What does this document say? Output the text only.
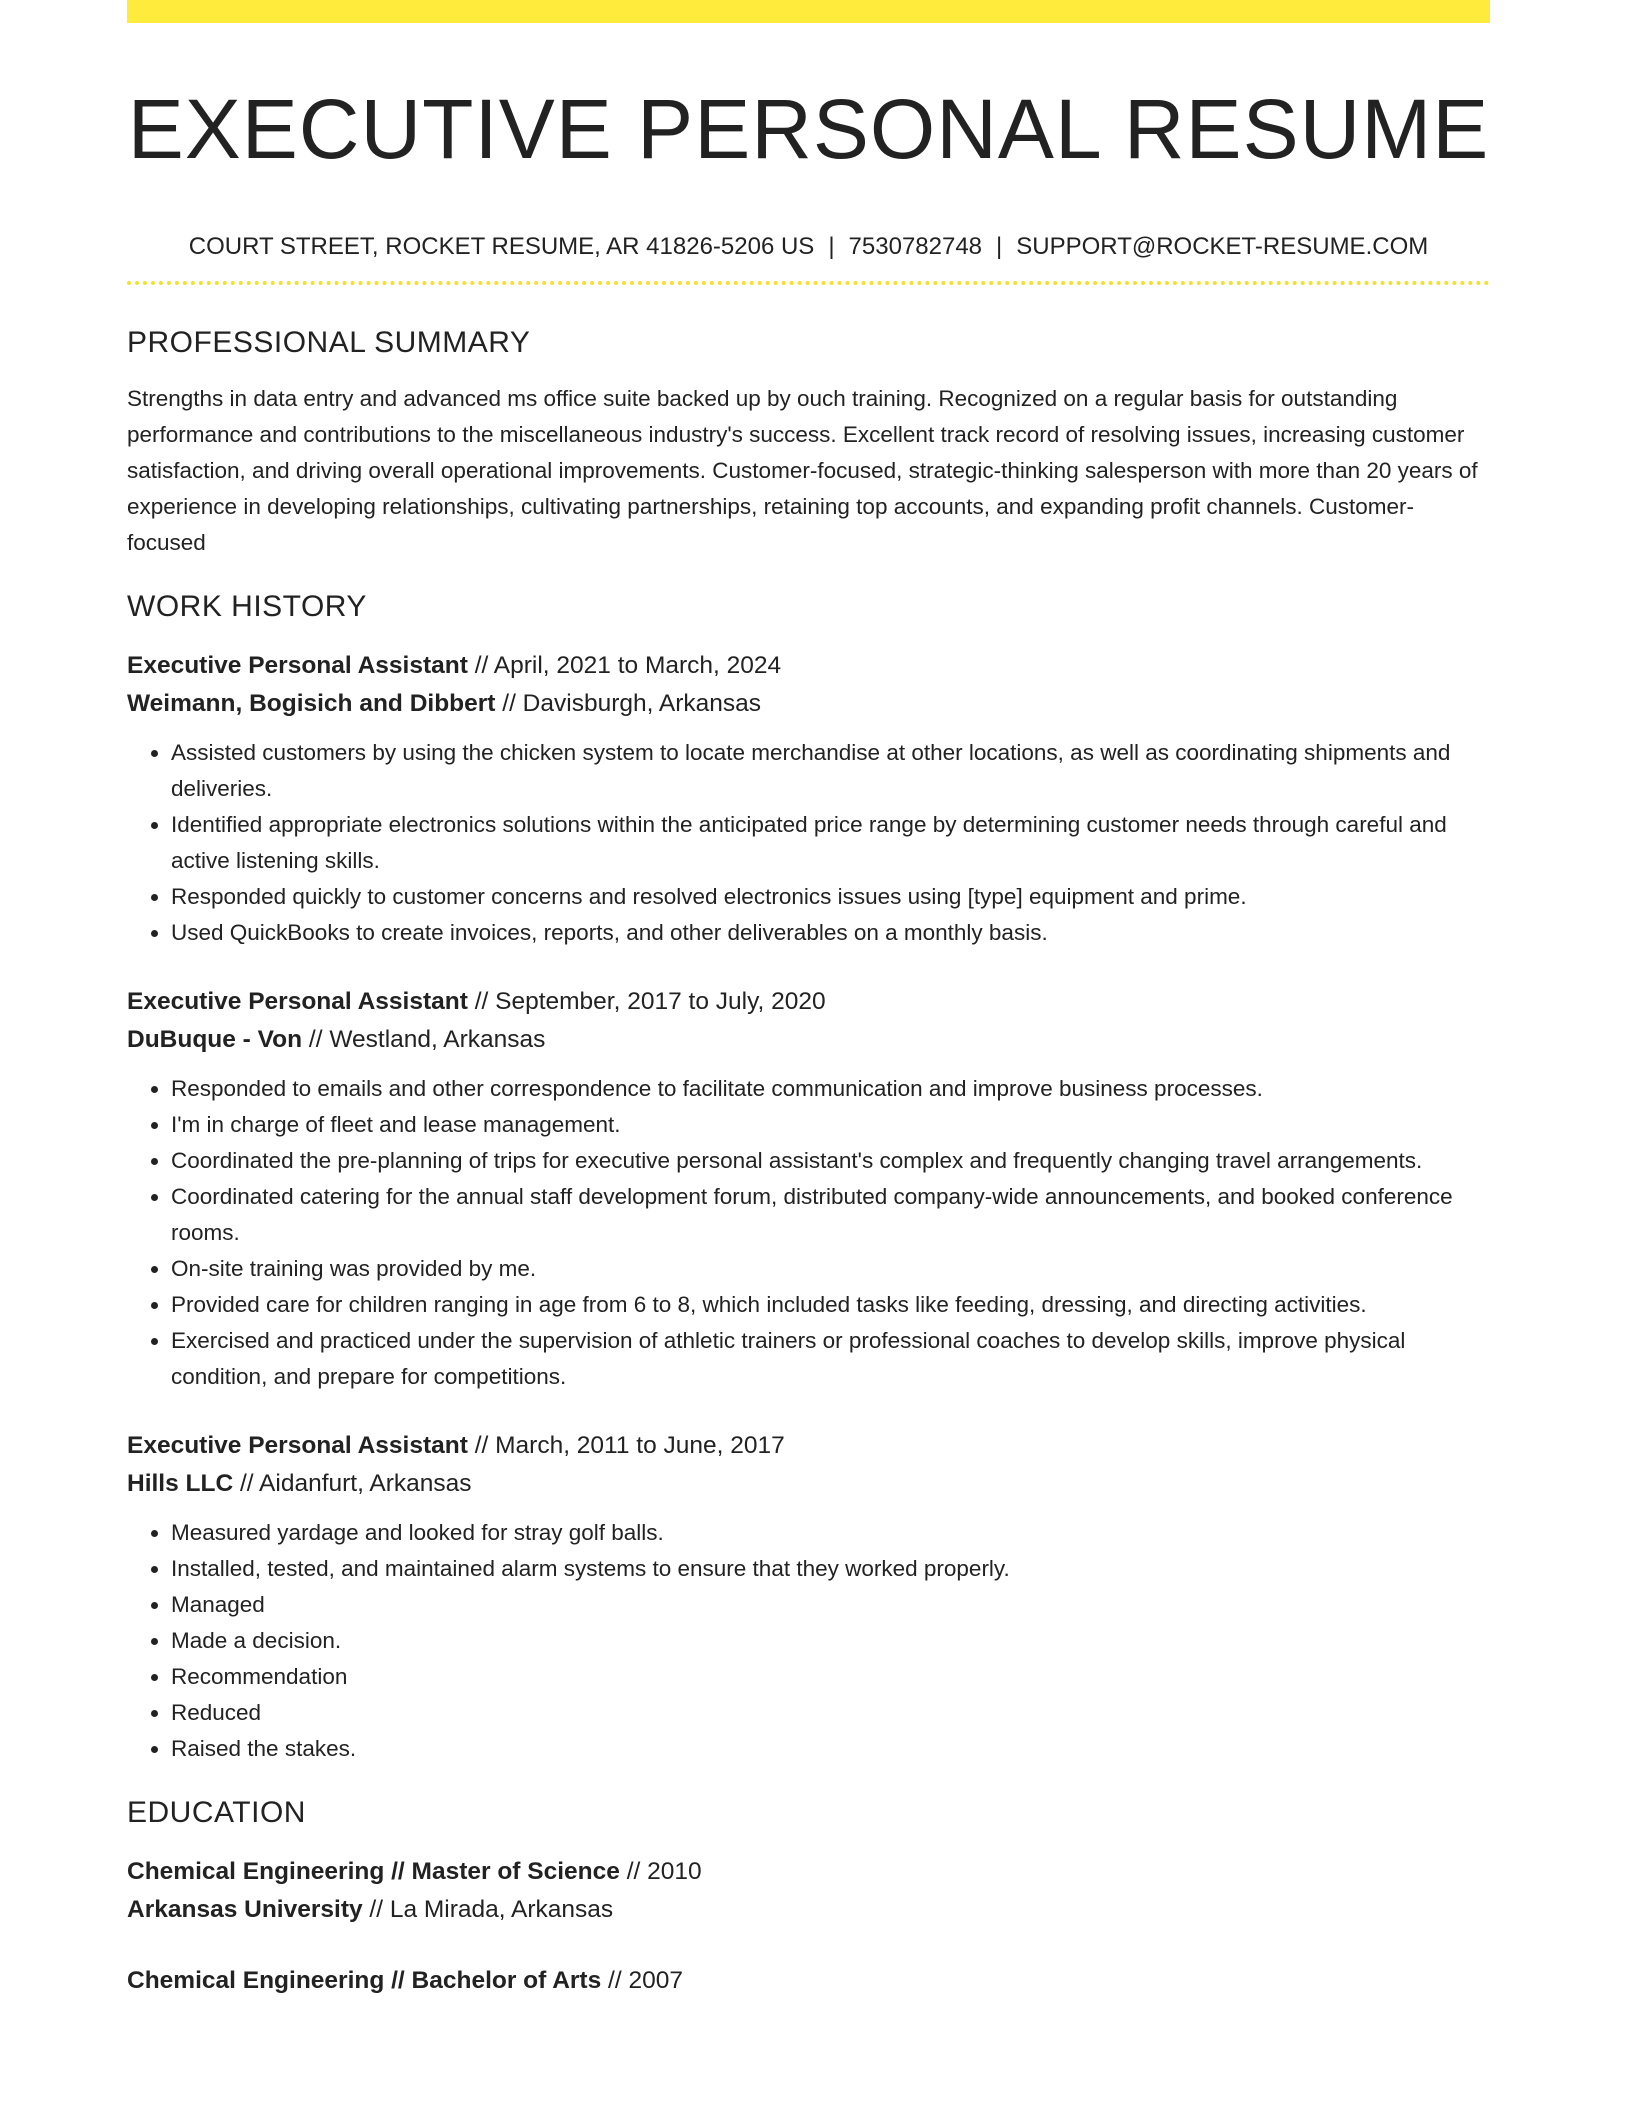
EXECUTIVE PERSONAL RESUME
COURT STREET, ROCKET RESUME, AR 41826-5206 US | 7530782748 | SUPPORT@ROCKET-RESUME.COM
PROFESSIONAL SUMMARY

Strengths in data entry and advanced ms office suite backed up by ouch training. Recognized on a regular basis for outstanding performance and contributions to the miscellaneous industry's success. Excellent track record of resolving issues, increasing customer satisfaction, and driving overall operational improvements. Customer-focused, strategic-thinking salesperson with more than 20 years of experience in developing relationships, cultivating partnerships, retaining top accounts, and expanding profit channels. Customer-focused

WORK HISTORY
Executive Personal Assistant // April, 2021 to March, 2024
Weimann, Bogisich and Dibbert // Davisburgh, Arkansas
• Assisted customers by using the chicken system to locate merchandise at other locations, as well as coordinating shipments and deliveries.
• Identified appropriate electronics solutions within the anticipated price range by determining customer needs through careful and active listening skills.
• Responded quickly to customer concerns and resolved electronics issues using [type] equipment and prime.
• Used QuickBooks to create invoices, reports, and other deliverables on a monthly basis.
Executive Personal Assistant // September, 2017 to July, 2020
DuBuque - Von // Westland, Arkansas
• Responded to emails and other correspondence to facilitate communication and improve business processes.
• I'm in charge of fleet and lease management.
• Coordinated the pre-planning of trips for executive personal assistant's complex and frequently changing travel arrangements.
• Coordinated catering for the annual staff development forum, distributed company-wide announcements, and booked conference rooms.
• On-site training was provided by me.
• Provided care for children ranging in age from 6 to 8, which included tasks like feeding, dressing, and directing activities.
• Exercised and practiced under the supervision of athletic trainers or professional coaches to develop skills, improve physical condition, and prepare for competitions.
Executive Personal Assistant // March, 2011 to June, 2017
Hills LLC // Aidanfurt, Arkansas
• Measured yardage and looked for stray golf balls.
• Installed, tested, and maintained alarm systems to ensure that they worked properly.
• Managed
• Made a decision.
• Recommendation
• Reduced
• Raised the stakes.
EDUCATION
Chemical Engineering // Master of Science // 2010
Arkansas University // La Mirada, Arkansas
Chemical Engineering // Bachelor of Arts // 2007
